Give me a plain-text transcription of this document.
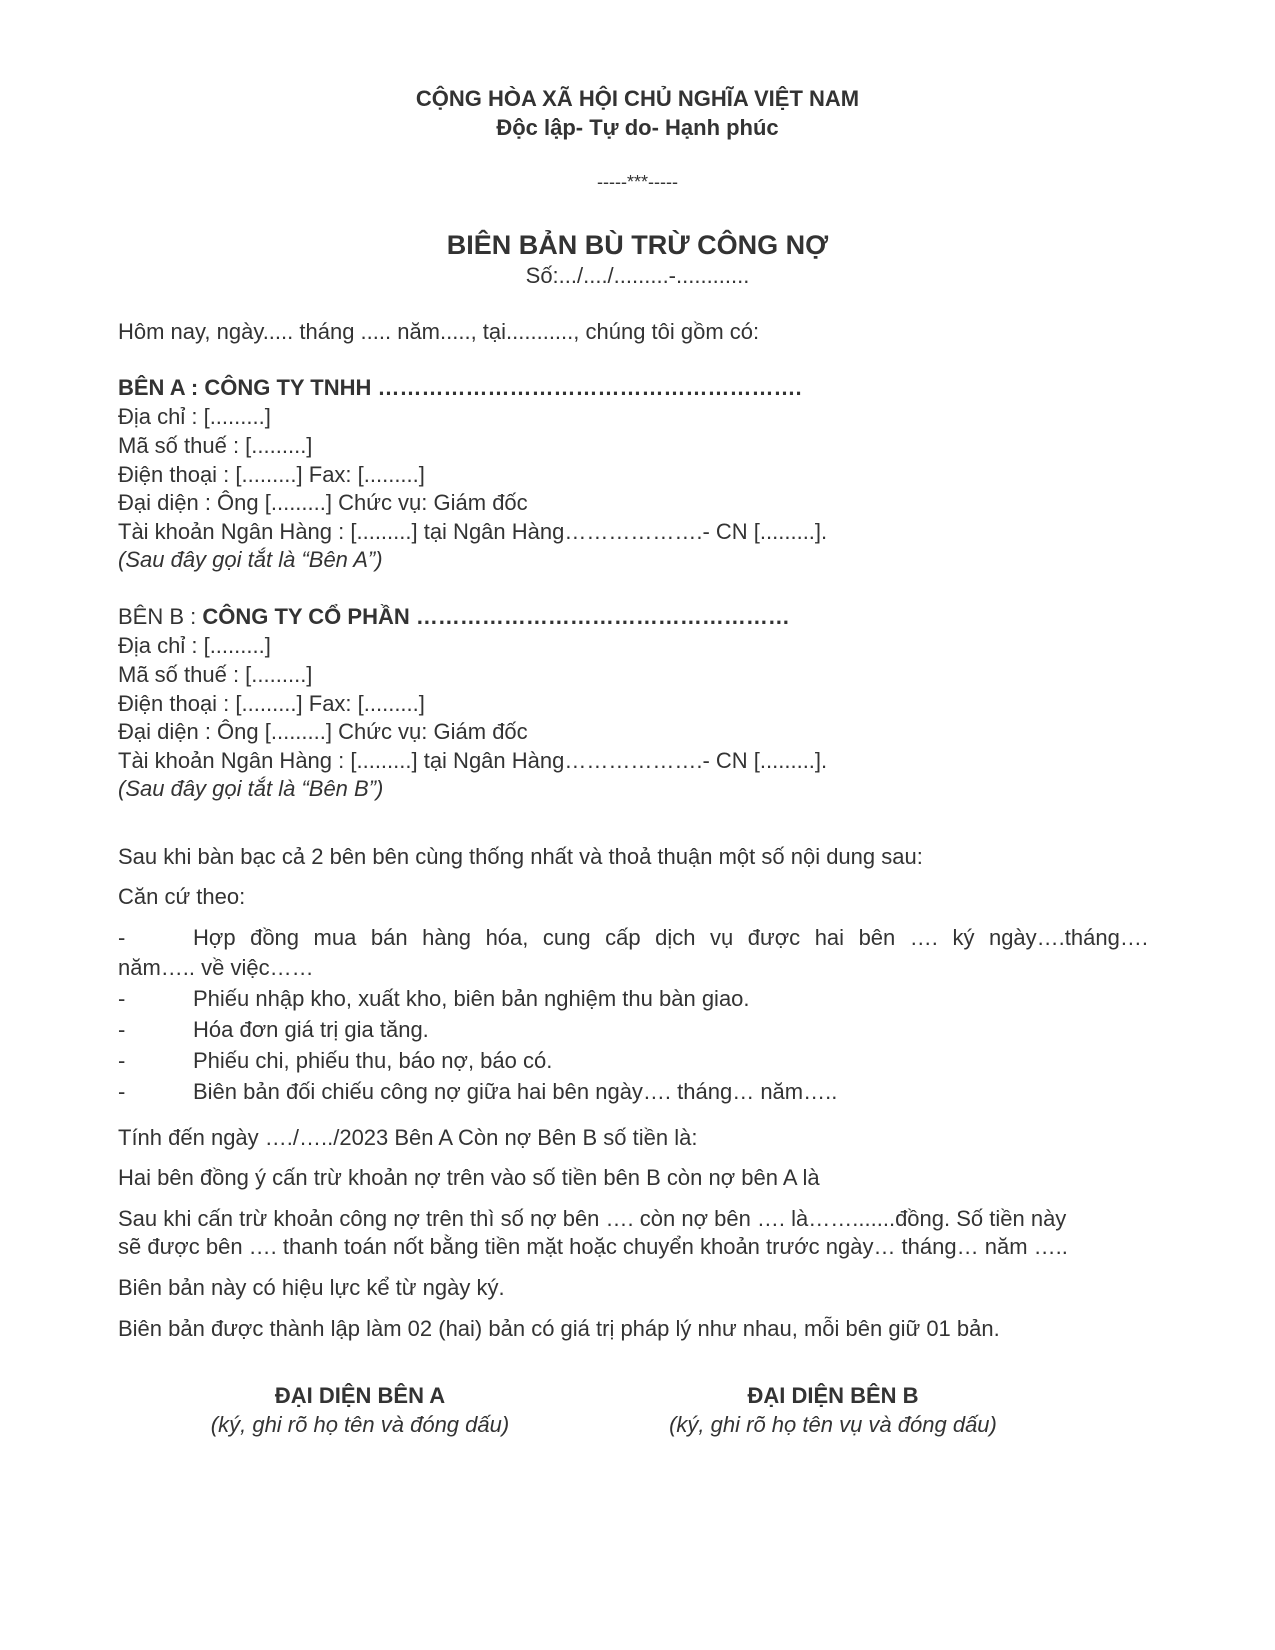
CỘNG HÒA XÃ HỘI CHỦ NGHĨA VIỆT NAM
Độc lập- Tự do- Hạnh phúc
-----***-----
BIÊN BẢN BÙ TRỪ CÔNG NỢ
Số:.../..../.........-............
Hôm nay, ngày..... tháng ..... năm....., tại..........., chúng tôi gồm có:
BÊN A : CÔNG TY TNHH ………………………………………………….
Địa chỉ : [.........]
Mã số thuế : [.........]
Điện thoại : [.........] Fax: [.........]
Đại diện : Ông [.........] Chức vụ: Giám đốc
Tài khoản Ngân Hàng : [.........] tại Ngân Hàng……………….- CN [.........].
(Sau đây gọi tắt là “Bên A”)
BÊN B : CÔNG TY CỔ PHẦN ……………………………………………
Địa chỉ : [.........]
Mã số thuế : [.........]
Điện thoại : [.........] Fax: [.........]
Đại diện : Ông [.........] Chức vụ: Giám đốc
Tài khoản Ngân Hàng : [.........] tại Ngân Hàng……………….- CN [.........].
(Sau đây gọi tắt là “Bên B”)
Sau khi bàn bạc cả 2 bên bên cùng thống nhất và thoả thuận một số nội dung sau:
Căn cứ theo:
-	Hợp đồng mua bán hàng hóa, cung cấp dịch vụ được hai bên …. ký ngày….tháng….
năm….. về việc……
-	Phiếu nhập kho, xuất kho, biên bản nghiệm thu bàn giao.
-	Hóa đơn giá trị gia tăng.
-	Phiếu chi, phiếu thu, báo nợ, báo có.
-	Biên bản đối chiếu công nợ giữa hai bên ngày…. tháng… năm…..
Tính đến ngày …./…../2023 Bên A Còn nợ Bên B số tiền là:
Hai bên đồng ý cấn trừ khoản nợ trên vào số tiền bên B còn nợ bên A là
Sau khi cấn trừ khoản công nợ trên thì số nợ bên …. còn nợ bên …. là…….......đồng. Số tiền này
sẽ được bên …. thanh toán nốt bằng tiền mặt hoặc chuyển khoản trước ngày… tháng… năm …..
Biên bản này có hiệu lực kể từ ngày ký.
Biên bản được thành lập làm 02 (hai) bản có giá trị pháp lý như nhau, mỗi bên giữ 01 bản.
ĐẠI DIỆN BÊN A
(ký, ghi rõ họ tên và đóng dấu)
ĐẠI DIỆN BÊN B
(ký, ghi rõ họ tên vụ và đóng dấu)
